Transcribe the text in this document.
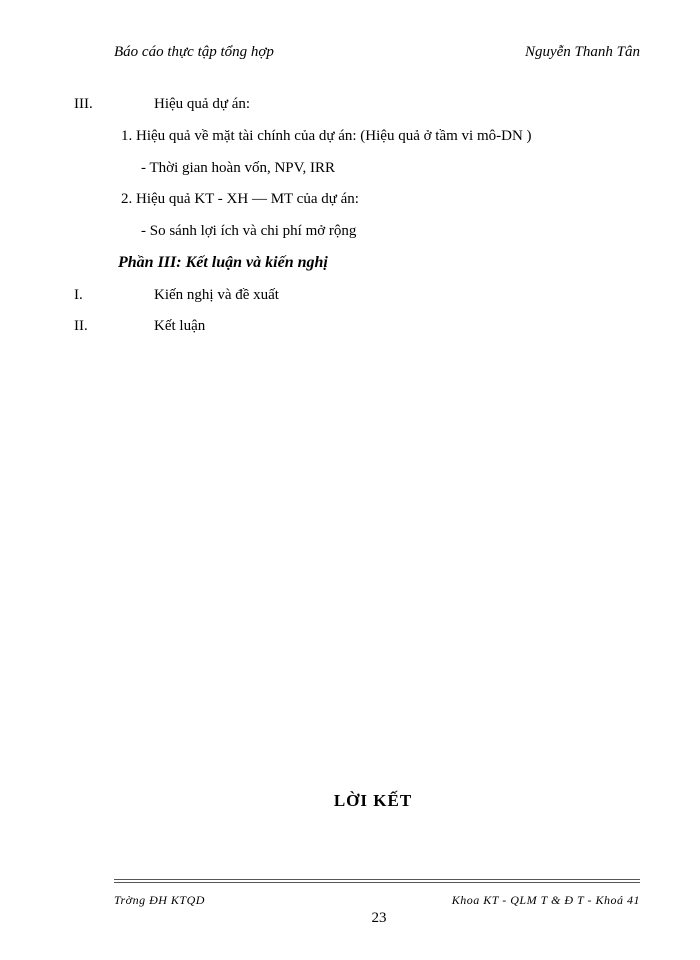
Báo cáo thực tập tổng hợp	Nguyễn Thanh Tân
III.	Hiệu quả dự án:
1. Hiệu quả về mặt tài chính của dự án: (Hiệu quả ở tầm vi mô-DN )
- Thời gian hoàn vốn, NPV, IRR
2. Hiệu quả KT - XH — MT của dự án:
- So sánh lợi ích và chi phí mở rộng
Phần III: Kết luận và kiến nghị
I.	Kiến nghị và đề xuất
II.	Kết luận
LỜI KẾT
Trờng ĐH KTQD	Khoa KT - QLM T & Đ T - Khoá 41
23
